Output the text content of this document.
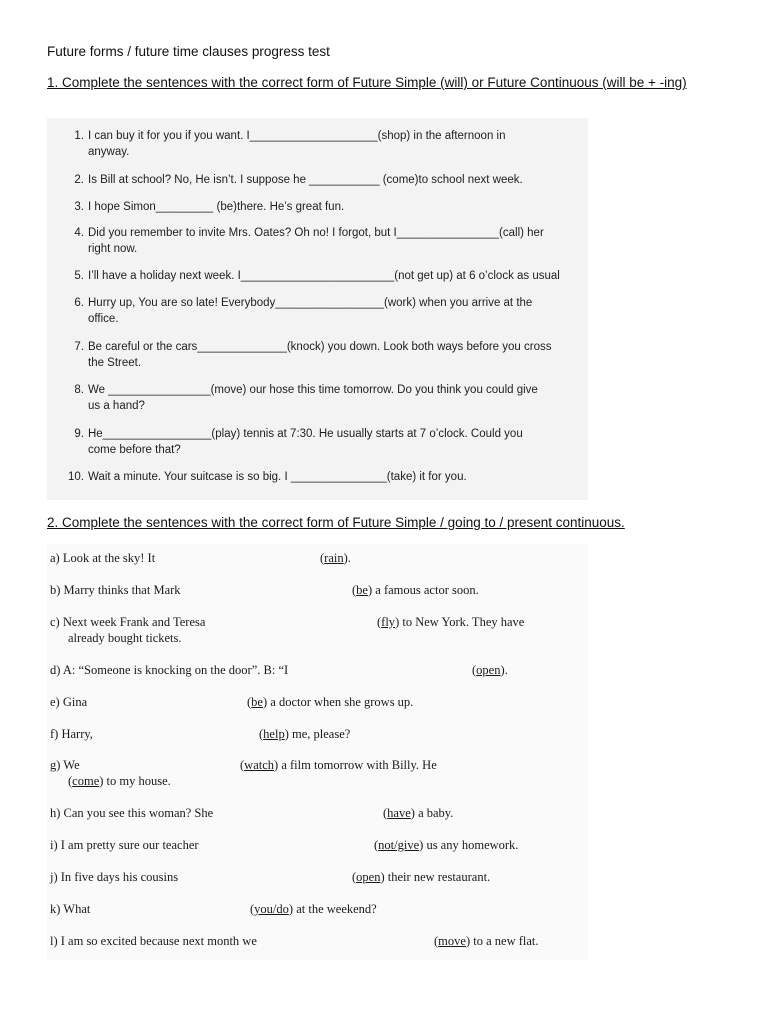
Future forms / future time clauses progress test
1. Complete the sentences with the correct form of Future Simple (will) or Future Continuous (will be + -ing)
1. I can buy it for you if you want. I____________________(shop) in the afternoon in
anyway.
2. Is Bill at school? No, He isn’t. I suppose he ___________ (come)to school next week.
3. I hope Simon_________ (be)there. He’s great fun.
4. Did you remember to invite Mrs. Oates? Oh no! I forgot, but I________________(call) her
right now.
5. I’ll have a holiday next week. I________________________(not get up) at 6 o’clock as usual
6. Hurry up, You are so late! Everybody_________________(work) when you arrive at the
office.
7. Be careful or the cars______________(knock) you down. Look both ways before you cross
the Street.
8. We ________________(move) our hose this time tomorrow. Do you think you could give
us a hand?
9. He_________________(play) tennis at 7:30. He usually starts at 7 o’clock. Could you
come before that?
10. Wait a minute. Your suitcase is so big. I _______________(take) it for you.
2. Complete the sentences with the correct form of Future Simple / going to / present continuous.
a) Look at the sky! It	(rain).
b) Marry thinks that Mark	(be) a famous actor soon.
c) Next week Frank and Teresa	(fly) to New York. They have
already bought tickets.
d) A: “Someone is knocking on the door”. B: “I	(open).
e) Gina	(be) a doctor when she grows up.
f) Harry,	(help) me, please?
g) We	(watch) a film tomorrow with Billy. He
(come) to my house.
h) Can you see this woman? She	(have) a baby.
i) I am pretty sure our teacher	(not/give) us any homework.
j) In five days his cousins	(open) their new restaurant.
k) What	(you/do) at the weekend?
l) I am so excited because next month we	(move) to a new flat.
